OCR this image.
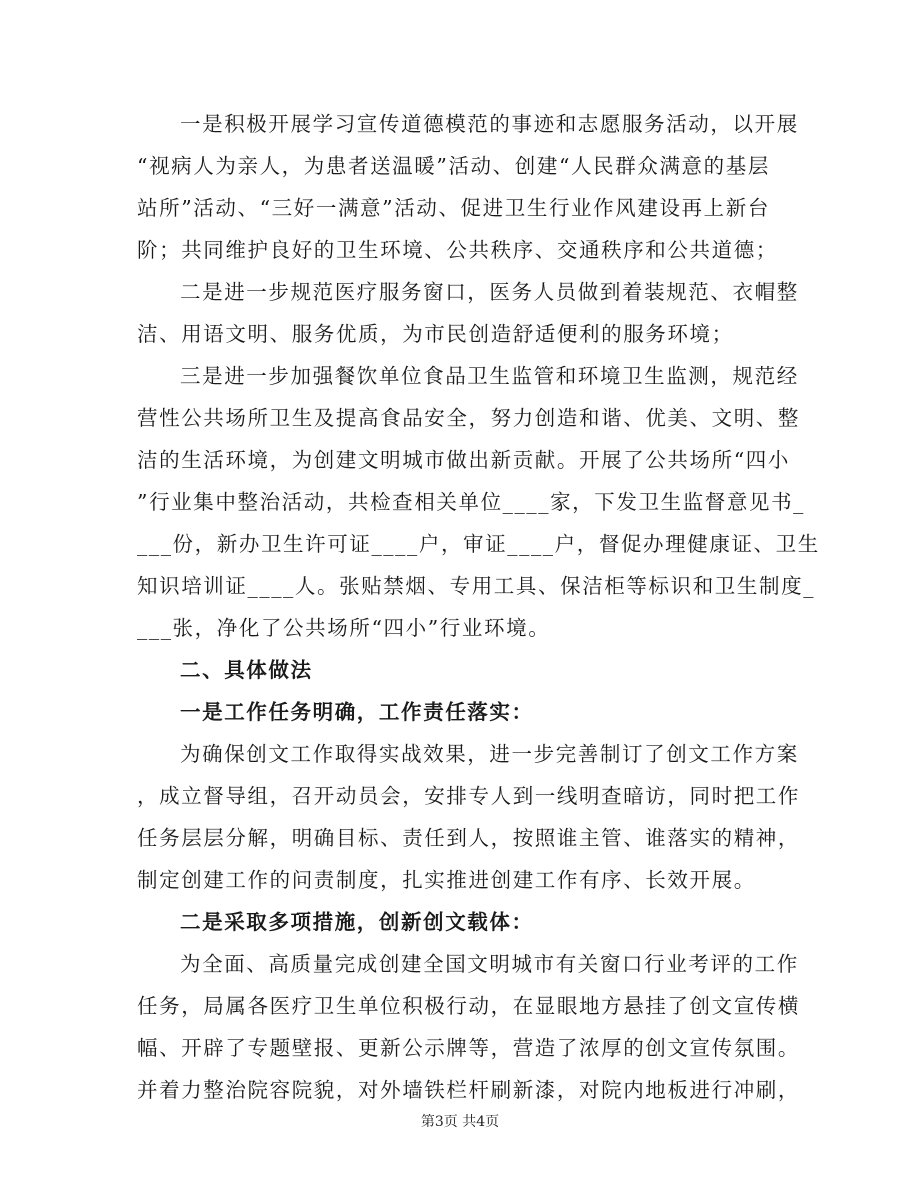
一是积极开展学习宣传道德模范的事迹和志愿服务活动，以开展
“视病人为亲人，为患者送温暖”活动、创建“人民群众满意的基层
站所”活动、“三好一满意”活动、促进卫生行业作风建设再上新台
阶；共同维护良好的卫生环境、公共秩序、交通秩序和公共道德；
二是进一步规范医疗服务窗口，医务人员做到着装规范、衣帽整
洁、用语文明、服务优质，为市民创造舒适便利的服务环境；
三是进一步加强餐饮单位食品卫生监管和环境卫生监测，规范经
营性公共场所卫生及提高食品安全，努力创造和谐、优美、文明、整
洁的生活环境，为创建文明城市做出新贡献。开展了公共场所“四小
”行业集中整治活动，共检查相关单位____家，下发卫生监督意见书_
___份，新办卫生许可证____户，审证____户，督促办理健康证、卫生
知识培训证____人。张贴禁烟、专用工具、保洁柜等标识和卫生制度_
___张，净化了公共场所“四小”行业环境。
二、具体做法
一是工作任务明确，工作责任落实：
为确保创文工作取得实战效果，进一步完善制订了创文工作方案
，成立督导组，召开动员会，安排专人到一线明查暗访，同时把工作
任务层层分解，明确目标、责任到人，按照谁主管、谁落实的精神，
制定创建工作的问责制度，扎实推进创建工作有序、长效开展。
二是采取多项措施，创新创文载体：
为全面、高质量完成创建全国文明城市有关窗口行业考评的工作
任务，局属各医疗卫生单位积极行动，在显眼地方悬挂了创文宣传横
幅、开辟了专题壁报、更新公示牌等，营造了浓厚的创文宣传氛围。
并着力整治院容院貌，对外墙铁栏杆刷新漆，对院内地板进行冲刷，
第3页 共4页
